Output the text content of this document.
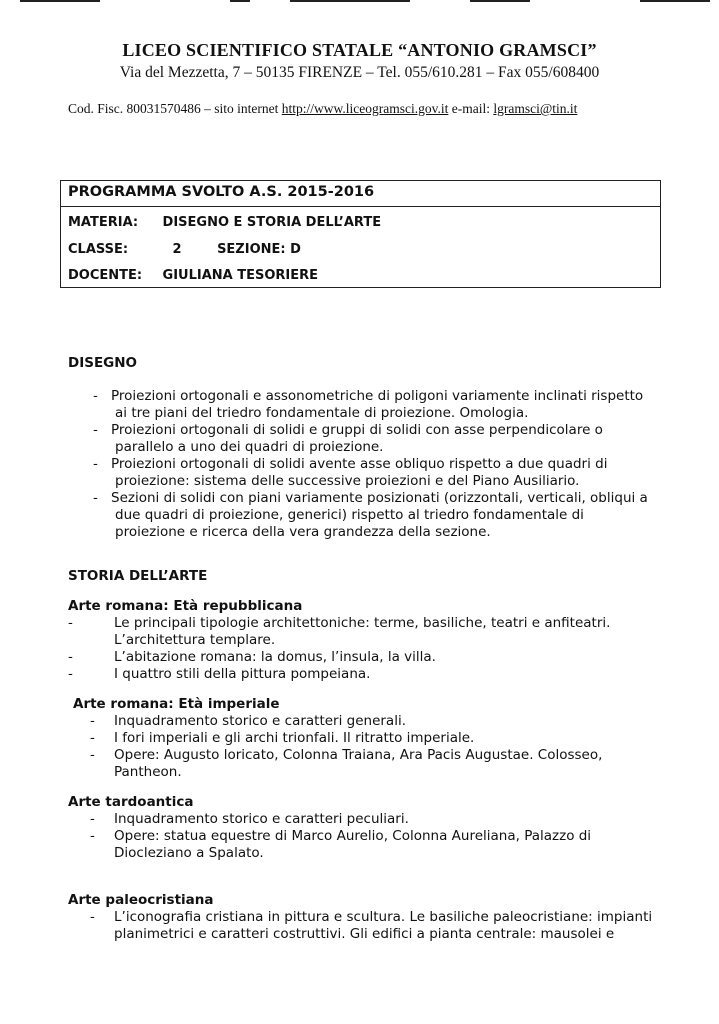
LICEO SCIENTIFICO STATALE “ANTONIO GRAMSCI”
Via del Mezzetta, 7 – 50135 FIRENZE – Tel. 055/610.281 – Fax 055/608400
Cod. Fisc. 80031570486 – sito internet http://www.liceogramsci.gov.it e-mail: lgramsci@tin.it
PROGRAMMA SVOLTO A.S. 2015-2016
MATERIA: DISEGNO E STORIA DELL’ARTE
CLASSE:	2	SEZIONE: D
DOCENTE: GIULIANA TESORIERE
DISEGNO
- Proiezioni ortogonali e assonometriche di poligoni variamente inclinati rispetto
ai tre piani del triedro fondamentale di proiezione. Omologia.
- Proiezioni ortogonali di solidi e gruppi di solidi con asse perpendicolare o
parallelo a uno dei quadri di proiezione.
- Proiezioni ortogonali di solidi avente asse obliquo rispetto a due quadri di
proiezione: sistema delle successive proiezioni e del Piano Ausiliario.
- Sezioni di solidi con piani variamente posizionati (orizzontali, verticali, obliqui a
due quadri di proiezione, generici) rispetto al triedro fondamentale di
proiezione e ricerca della vera grandezza della sezione.
STORIA DELL’ARTE
Arte romana: Età repubblicana
-	Le principali tipologie architettoniche: terme, basiliche, teatri e anfiteatri.
L’architettura templare.
-	L’abitazione romana: la domus, l’insula, la villa.
-	I quattro stili della pittura pompeiana.
Arte romana: Età imperiale
-	Inquadramento storico e caratteri generali.
-	I fori imperiali e gli archi trionfali. Il ritratto imperiale.
-	Opere: Augusto loricato, Colonna Traiana, Ara Pacis Augustae. Colosseo,
Pantheon.
Arte tardoantica
-	Inquadramento storico e caratteri peculiari.
-	Opere: statua equestre di Marco Aurelio, Colonna Aureliana, Palazzo di
Diocleziano a Spalato.
Arte paleocristiana
-	L’iconografia cristiana in pittura e scultura. Le basiliche paleocristiane: impianti
planimetrici e caratteri costruttivi. Gli edifici a pianta centrale: mausolei e
